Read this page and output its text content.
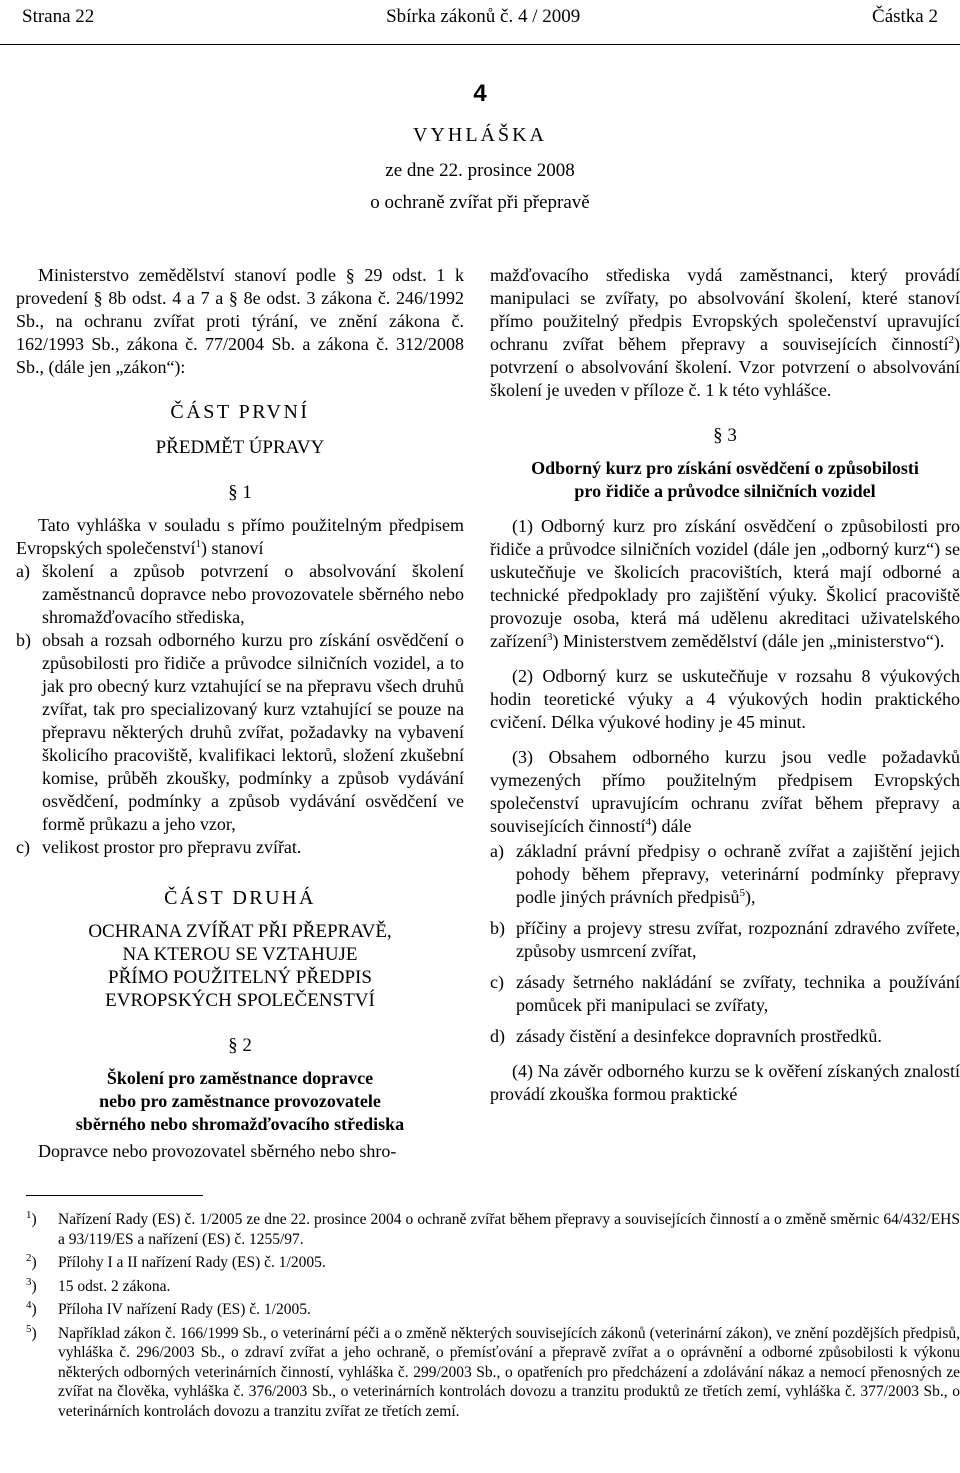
Strana 22	Sbírka zákonů č. 4 / 2009	Částka 2
4
VYHLÁŠKA
ze dne 22. prosince 2008
o ochraně zvířat při přepravě

Ministerstvo zemědělství stanoví podle § 29 odst. 1 k provedení § 8b odst. 4 a 7 a § 8e odst. 3 zákona č. 246/1992 Sb., na ochranu zvířat proti týrání, ve znění zákona č. 162/1993 Sb., zákona č. 77/2004 Sb. a zákona č. 312/2008 Sb., (dále jen „zákon“):

ČÁST PRVNÍ
PŘEDMĚT ÚPRAVY
§ 1

Tato vyhláška v souladu s přímo použitelným předpisem Evropských společenství$^1$) stanoví

a) školení a způsob potvrzení o absolvování školení zaměstnanců dopravce nebo provozovatele sběrného nebo shromažďovacího střediska,
b) obsah a rozsah odborného kurzu pro získání osvědčení o způsobilosti pro řidiče a průvodce silničních vozidel, a to jak pro obecný kurz vztahující se na přepravu všech druhů zvířat, tak pro specializovaný kurz vztahující se pouze na přepravu některých druhů zvířat, požadavky na vybavení školicího pracoviště, kvalifikaci lektorů, složení zkušební komise, průběh zkoušky, podmínky a způsob vydávání osvědčení, podmínky a způsob vydávání osvědčení ve formě průkazu a jeho vzor,
c) velikost prostor pro přepravu zvířat.
ČÁST DRUHÁ
OCHRANA ZVÍŘAT PŘI PŘEPRAVĚ,
NA KTEROU SE VZTAHUJE
PŘÍMO POUŽITELNÝ PŘEDPIS
EVROPSKÝCH SPOLEČENSTVÍ
§ 2
Školení pro zaměstnance dopravce
nebo pro zaměstnance provozovatele
sběrného nebo shromažďovacího střediska

Dopravce nebo provozovatel sběrného nebo shro-

mažďovacího střediska vydá zaměstnanci, který provádí manipulaci se zvířaty, po absolvování školení, které stanoví přímo použitelný předpis Evropských společenství upravující ochranu zvířat během přepravy a souvisejících činností$^2$) potvrzení o absolvování školení. Vzor potvrzení o absolvování školení je uveden v příloze č. 1 k této vyhlášce.

§ 3
Odborný kurz pro získání osvědčení o způsobilosti
pro řidiče a průvodce silničních vozidel

(1) Odborný kurz pro získání osvědčení o způsobilosti pro řidiče a průvodce silničních vozidel (dále jen „odborný kurz“) se uskutečňuje ve školicích pracovištích, která mají odborné a technické předpoklady pro zajištění výuky. Školicí pracoviště provozuje osoba, která má udělenu akreditaci uživatelského zařízení$^3$) Ministerstvem zemědělství (dále jen „ministerstvo“).

(2) Odborný kurz se uskutečňuje v rozsahu 8 výukových hodin teoretické výuky a 4 výukových hodin praktického cvičení. Délka výukové hodiny je 45 minut.

(3) Obsahem odborného kurzu jsou vedle požadavků vymezených přímo použitelným předpisem Evropských společenství upravujícím ochranu zvířat během přepravy a souvisejících činností$^4$) dále

a) základní právní předpisy o ochraně zvířat a zajištění jejich pohody během přepravy, veterinární podmínky přepravy podle jiných právních předpisů$^5$),
b) příčiny a projevy stresu zvířat, rozpoznání zdravého zvířete, způsoby usmrcení zvířat,
c) zásady šetrného nakládání se zvířaty, technika a používání pomůcek při manipulaci se zvířaty,
d) zásady čistění a desinfekce dopravních prostředků.

(4) Na závěr odborného kurzu se k ověření získaných znalostí provádí zkouška formou praktické

$^1$)	Nařízení Rady (ES) č. 1/2005 ze dne 22. prosince 2004 o ochraně zvířat během přepravy a souvisejících činností a o změně směrnic 64/432/EHS a 93/119/ES a nařízení (ES) č. 1255/97.
$^2$)	Přílohy I a II nařízení Rady (ES) č. 1/2005.
$^3$)	15 odst. 2 zákona.
$^4$)	Příloha IV nařízení Rady (ES) č. 1/2005.
$^5$)	Například zákon č. 166/1999 Sb., o veterinární péči a o změně některých souvisejících zákonů (veterinární zákon), ve znění pozdějších předpisů, vyhláška č. 296/2003 Sb., o zdraví zvířat a jeho ochraně, o přemísťování a přepravě zvířat a o oprávnění a odborné způsobilosti k výkonu některých odborných veterinárních činností, vyhláška č. 299/2003 Sb., o opatřeních pro předcházení a zdolávání nákaz a nemocí přenosných ze zvířat na člověka, vyhláška č. 376/2003 Sb., o veterinárních kontrolách dovozu a tranzitu produktů ze třetích zemí, vyhláška č. 377/2003 Sb., o veterinárních kontrolách dovozu a tranzitu zvířat ze třetích zemí.
